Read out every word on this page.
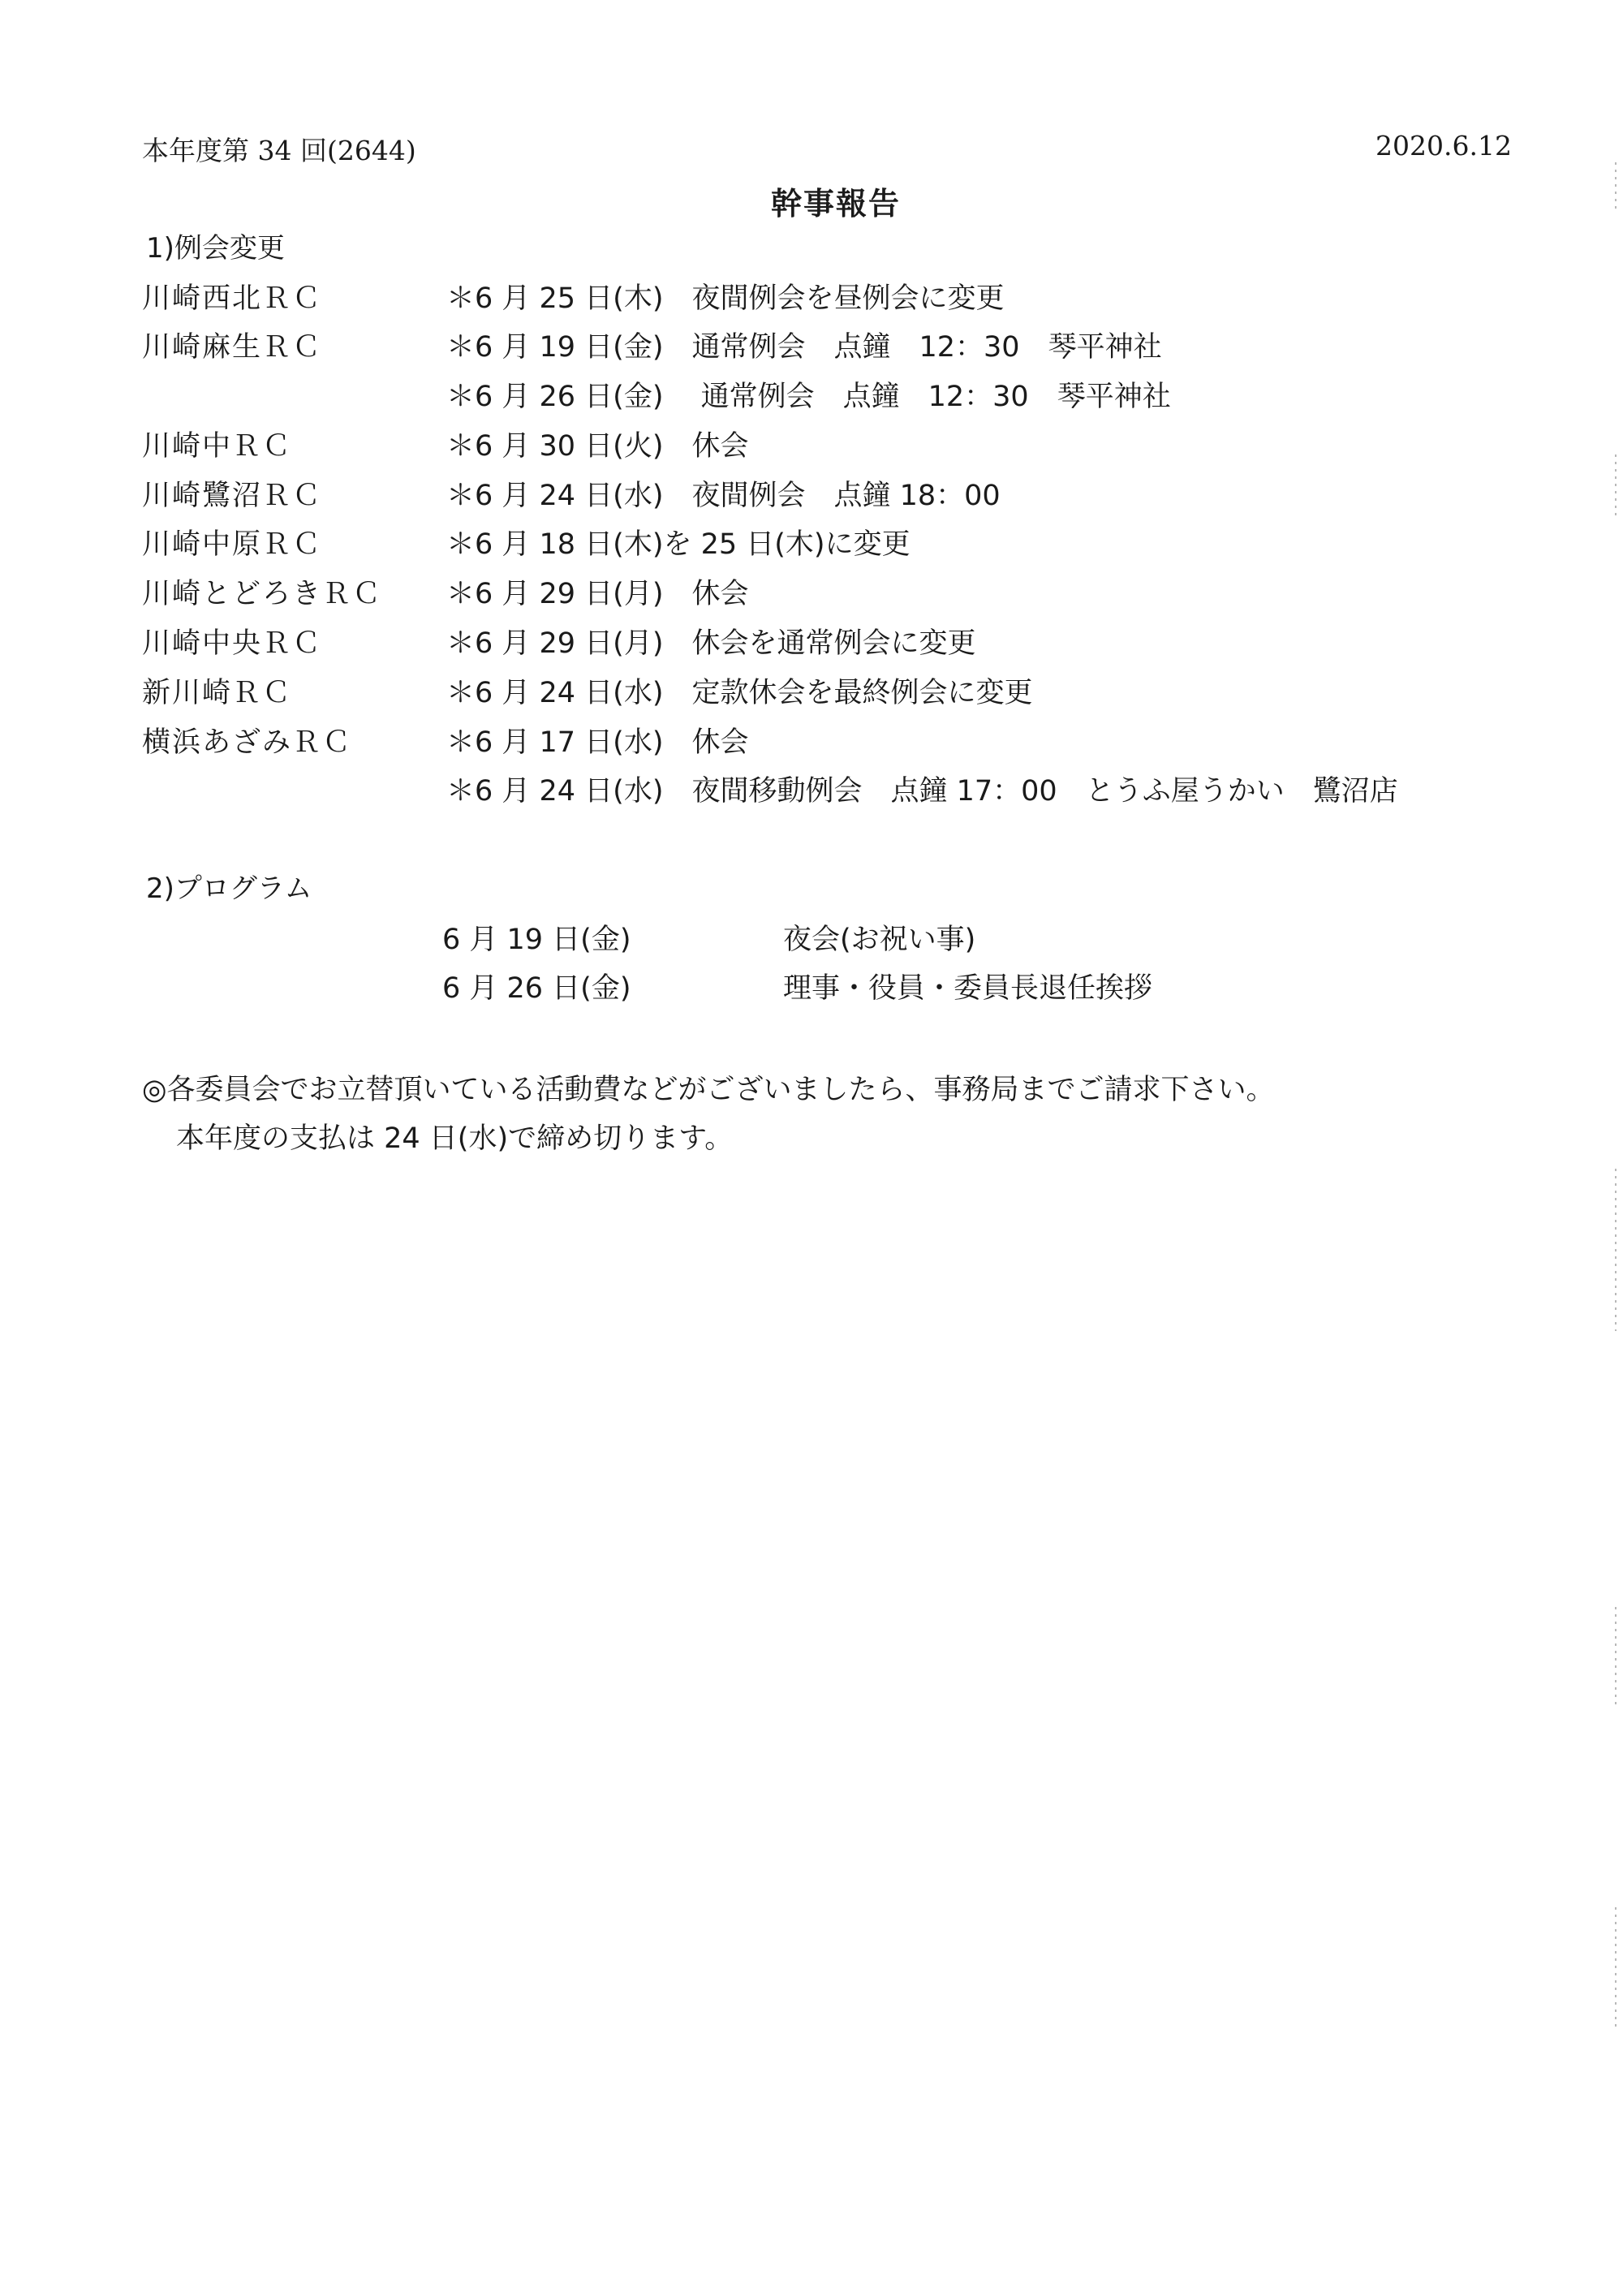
本年度第 34 回(2644)	2020.6.12
幹事報告
1)例会変更
川崎西北ＲＣ	＊6 月 25 日(木)　夜間例会を昼例会に変更
川崎麻生ＲＣ	＊6 月 19 日(金)　通常例会　点鐘　12：30　琴平神社
＊6 月 26 日(金)　 通常例会　点鐘　12：30　琴平神社
川崎中ＲＣ	＊6 月 30 日(火)　休会
川崎鷺沼ＲＣ	＊6 月 24 日(水)　夜間例会　点鐘 18：00
川崎中原ＲＣ	＊6 月 18 日(木)を 25 日(木)に変更
川崎とどろきＲＣ ＊6 月 29 日(月)　休会
川崎中央ＲＣ	＊6 月 29 日(月)　休会を通常例会に変更
新川崎ＲＣ	＊6 月 24 日(水)　定款休会を最終例会に変更
横浜あざみＲＣ	＊6 月 17 日(水)　休会
＊6 月 24 日(水)　夜間移動例会　点鐘 17：00　とうふ屋うかい　鷺沼店
2)プログラム
6 月 19 日(金)	夜会(お祝い事)
6 月 26 日(金)	理事・役員・委員長退任挨拶
◎各委員会でお立替頂いている活動費などがございましたら、事務局までご請求下さい。
本年度の支払は 24 日(水)で締め切ります。
